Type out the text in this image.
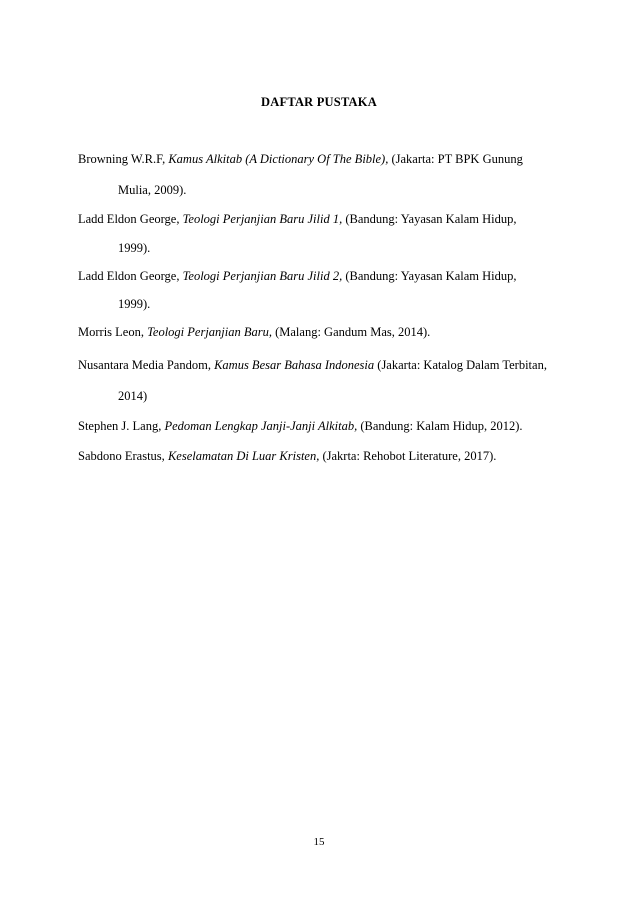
DAFTAR PUSTAKA
Browning W.R.F, Kamus Alkitab (A Dictionary Of The Bible), (Jakarta: PT BPK Gunung
Mulia, 2009).
Ladd Eldon George, Teologi Perjanjian Baru Jilid 1, (Bandung: Yayasan Kalam Hidup,
1999).
Ladd Eldon George, Teologi Perjanjian Baru Jilid 2, (Bandung: Yayasan Kalam Hidup,
1999).
Morris Leon, Teologi Perjanjian Baru, (Malang: Gandum Mas, 2014).
Nusantara Media Pandom, Kamus Besar Bahasa Indonesia (Jakarta: Katalog Dalam Terbitan,
2014)
Stephen J. Lang, Pedoman Lengkap Janji-Janji Alkitab, (Bandung: Kalam Hidup, 2012).
Sabdono Erastus, Keselamatan Di Luar Kristen, (Jakrta: Rehobot Literature, 2017).
15
